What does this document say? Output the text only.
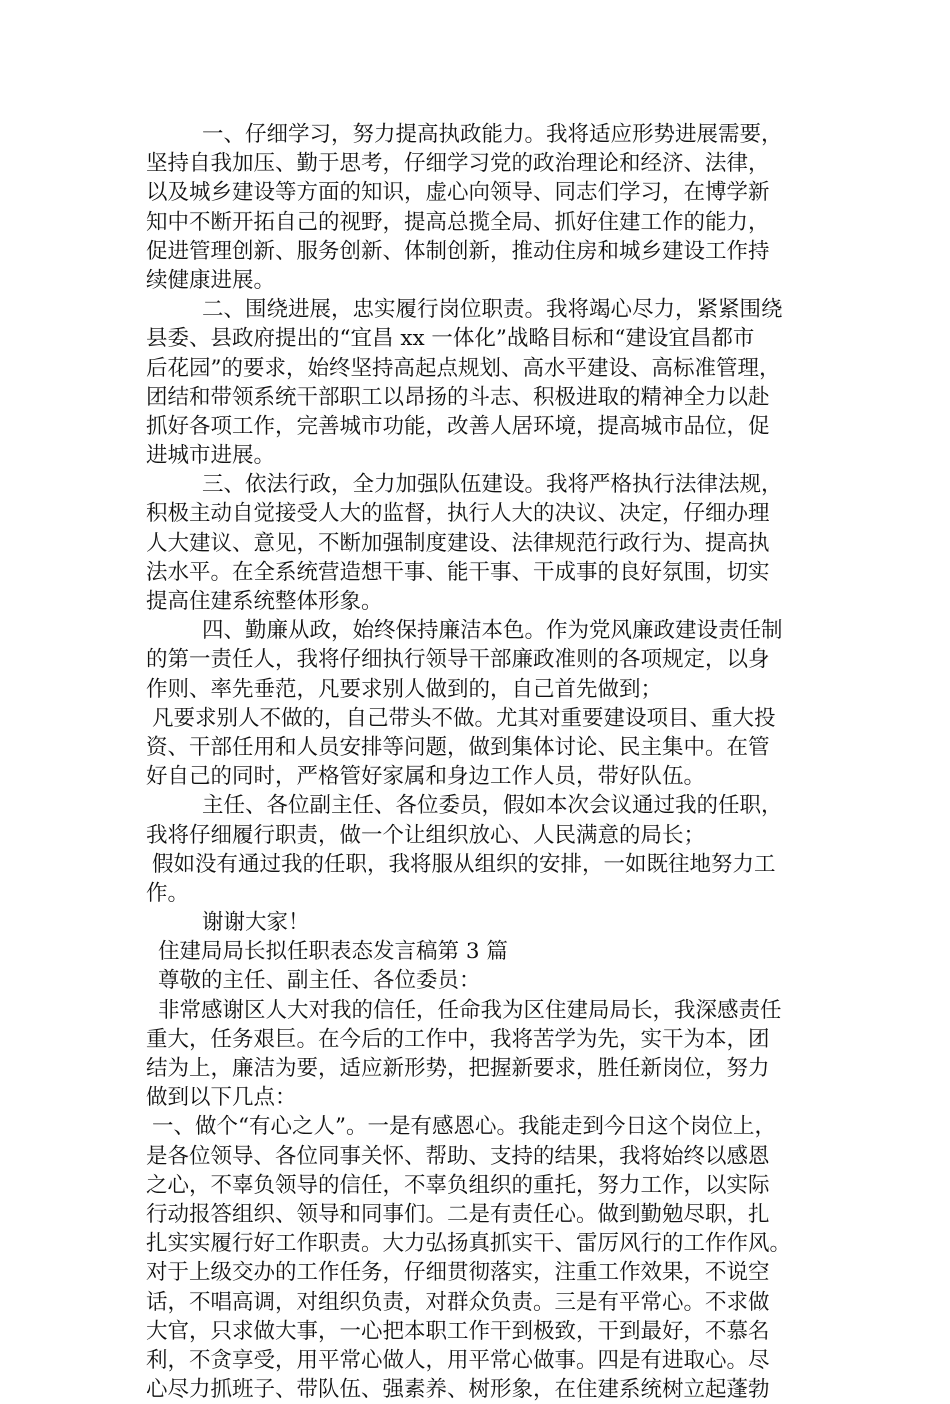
一、仔细学习，努力提高执政能力。我将适应形势进展需要，
坚持自我加压、勤于思考，仔细学习党的政治理论和经济、法律，
以及城乡建设等方面的知识，虚心向领导、同志们学习，在博学新
知中不断开拓自己的视野，提高总揽全局、抓好住建工作的能力，
促进管理创新、服务创新、体制创新，推动住房和城乡建设工作持
续健康进展。
二、围绕进展，忠实履行岗位职责。我将竭心尽力，紧紧围绕
县委、县政府提出的“宜昌 xx 一体化”战略目标和“建设宜昌都市
后花园”的要求，始终坚持高起点规划、高水平建设、高标准管理，
团结和带领系统干部职工以昂扬的斗志、积极进取的精神全力以赴
抓好各项工作，完善城市功能，改善人居环境，提高城市品位，促
进城市进展。
三、依法行政，全力加强队伍建设。我将严格执行法律法规，
积极主动自觉接受人大的监督，执行人大的决议、决定，仔细办理
人大建议、意见，不断加强制度建设、法律规范行政行为、提高执
法水平。在全系统营造想干事、能干事、干成事的良好氛围，切实
提高住建系统整体形象。
四、勤廉从政，始终保持廉洁本色。作为党风廉政建设责任制
的第一责任人，我将仔细执行领导干部廉政准则的各项规定，以身
作则、率先垂范，凡要求别人做到的，自己首先做到；
凡要求别人不做的，自己带头不做。尤其对重要建设项目、重大投
资、干部任用和人员安排等问题，做到集体讨论、民主集中。在管
好自己的同时，严格管好家属和身边工作人员，带好队伍。
主任、各位副主任、各位委员，假如本次会议通过我的任职，
我将仔细履行职责，做一个让组织放心、人民满意的局长；
假如没有通过我的任职，我将服从组织的安排，一如既往地努力工
作。
谢谢大家！
住建局局长拟任职表态发言稿第 3 篇
尊敬的主任、副主任、各位委员：
非常感谢区人大对我的信任，任命我为区住建局局长，我深感责任
重大，任务艰巨。在今后的工作中，我将苦学为先，实干为本，团
结为上，廉洁为要，适应新形势，把握新要求，胜任新岗位，努力
做到以下几点：
一、做个“有心之人”。一是有感恩心。我能走到今日这个岗位上，
是各位领导、各位同事关怀、帮助、支持的结果，我将始终以感恩
之心，不辜负领导的信任，不辜负组织的重托，努力工作，以实际
行动报答组织、领导和同事们。二是有责任心。做到勤勉尽职，扎
扎实实履行好工作职责。大力弘扬真抓实干、雷厉风行的工作作风。
对于上级交办的工作任务，仔细贯彻落实，注重工作效果，不说空
话，不唱高调，对组织负责，对群众负责。三是有平常心。不求做
大官，只求做大事，一心把本职工作干到极致，干到最好，不慕名
利，不贪享受，用平常心做人，用平常心做事。四是有进取心。尽
心尽力抓班子、带队伍、强素养、树形象，在住建系统树立起蓬勃
